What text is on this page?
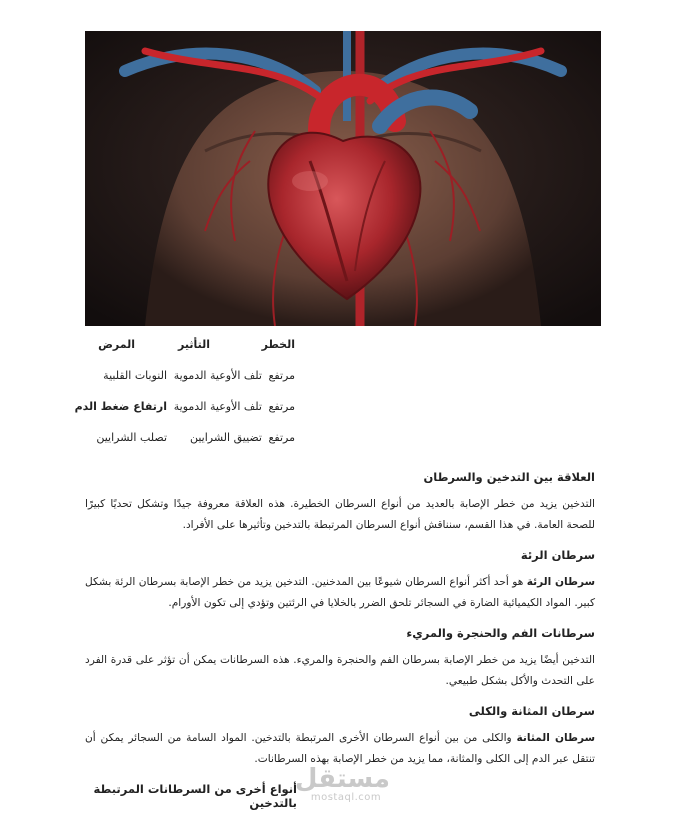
الخطر
التأثير
المرض
مرتفع
تلف الأوعية الدموية
النوبات القلبية
مرتفع
تلف الأوعية الدموية
ارتفاع ضغط الدم
مرتفع
تضييق الشرايين
تصلب الشرايين
العلاقة بين التدخين والسرطان
التدخين يزيد من خطر الإصابة بالعديد من أنواع السرطان الخطيرة. هذه العلاقة معروفة جيدًا وتشكل تحديًا كبيرًا للصحة العامة. في هذا القسم، سنناقش أنواع السرطان المرتبطة بالتدخين وتأثيرها على الأفراد.
سرطان الرئة
سرطان الرئة هو أحد أكثر أنواع السرطان شيوعًا بين المدخنين. التدخين يزيد من خطر الإصابة بسرطان الرئة بشكل كبير. المواد الكيميائية الضارة في السجائر تلحق الضرر بالخلايا في الرئتين وتؤدي إلى تكون الأورام.
سرطانات الفم والحنجرة والمريء
التدخين أيضًا يزيد من خطر الإصابة بسرطان الفم والحنجرة والمريء. هذه السرطانات يمكن أن تؤثر على قدرة الفرد على التحدث والأكل بشكل طبيعي.
سرطان المثانة والكلى
سرطان المثانة والكلى من بين أنواع السرطان الأخرى المرتبطة بالتدخين. المواد السامة من السجائر يمكن أن تنتقل عبر الدم إلى الكلى والمثانة، مما يزيد من خطر الإصابة بهذه السرطانات.
أنواع أخرى من السرطانات المرتبطة بالتدخين
مستقل
mostaql.com
